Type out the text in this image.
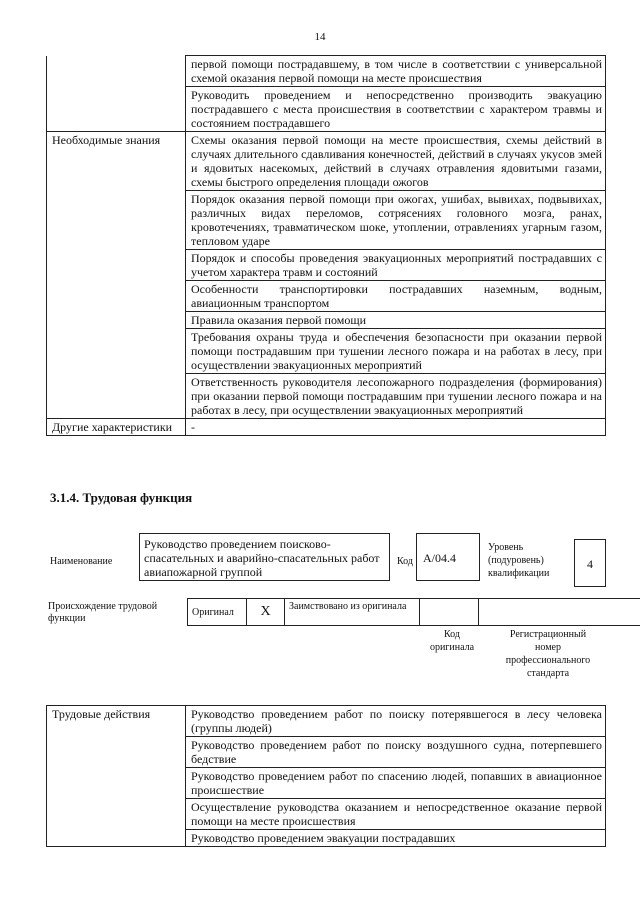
14
	первой помощи пострадавшему, в том числе в соответствии с универсальной схемой оказания первой помощи на месте происшествия
	Руководить проведением и непосредственно производить эвакуацию пострадавшего с места происшествия в соответствии с характером травмы и состоянием пострадавшего
Необходимые знания	Схемы оказания первой помощи на месте происшествия, схемы действий в случаях длительного сдавливания конечностей, действий в случаях укусов змей и ядовитых насекомых, действий в случаях отравления ядовитыми газами, схемы быстрого определения площади ожогов
	Порядок оказания первой помощи при ожогах, ушибах, вывихах, подвывихах, различных видах переломов, сотрясениях головного мозга, ранах, кровотечениях, травматическом шоке, утоплении, отравлениях угарным газом, тепловом ударе
	Порядок и способы проведения эвакуационных мероприятий пострадавших с учетом характера травм и состояний
	Особенности транспортировки пострадавших наземным, водным, авиационным транспортом
	Правила оказания первой помощи
	Требования охраны труда и обеспечения безопасности при оказании первой помощи пострадавшим при тушении лесного пожара и на работах в лесу, при осуществлении эвакуационных мероприятий
	Ответственность руководителя лесопожарного подразделения (формирования) при оказании первой помощи пострадавшим при тушении лесного пожара и на работах в лесу, при осуществлении эвакуационных мероприятий
Другие характеристики	-
3.1.4. Трудовая функция
Наименование
Руководство проведением поисково-спасательных и аварийно-спасательных работ авиапожарной группой
Код A/04.4
Уровень (подуровень) квалификации
4
Происхождение трудовой функции
Оригинал	X	Заимствовано из оригинала
Код оригинала
Регистрационный номер профессионального стандарта
Трудовые действия	Руководство проведением работ по поиску потерявшегося в лесу человека (группы людей)
Руководство проведением работ по поиску воздушного судна, потерпевшего бедствие
Руководство проведением работ по спасению людей, попавших в авиационное происшествие
Осуществление руководства оказанием и непосредственное оказание первой помощи на месте происшествия
Руководство проведением эвакуации пострадавших
